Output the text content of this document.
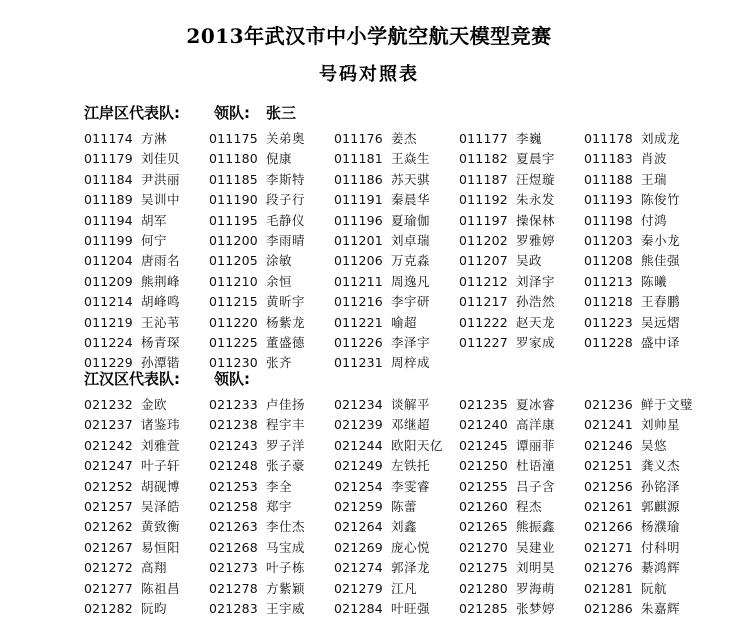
2013年武汉市中小学航空航天模型竞赛
号码对照表
江岸区代表队: 领队: 张三
011174 方淋	011175 关弟奥	011176 姜杰	011177 李巍	011178 刘成龙
011179 刘佳贝	011180 倪康	011181 王焱生	011182 夏晨宇	011183 肖波
011184 尹洪丽	011185 李斯特	011186 苏天骐	011187 汪煜璇	011188 王瑞
011189 吴训中	011190 段子行	011191 秦晨华	011192 朱永发	011193 陈俊竹
011194 胡军	011195 毛静仪	011196 夏瑜伽	011197 操保林	011198 付鸿
011199 何宁	011200 李雨晴	011201 刘卓瑞	011202 罗雅婷	011203 秦小龙
011204 唐雨名	011205 涂敏	011206 万克淼	011207 吴政	011208 熊佳强
011209 熊荆峰	011210 余恒	011211 周逸凡	011212 刘泽宇	011213 陈曦
011214 胡峰鸣	011215 黄昕宇	011216 李宇研	011217 孙浩然	011218 王春鹏
011219 王沁苇	011220 杨紫龙	011221 喻超	011222 赵天龙	011223 吴远熠
011224 杨青琛	011225 董盛德	011226 李泽宇	011227 罗家成	011228 盛中译
011229 孙潭锴	011230 张齐	011231 周梓成
江汉区代表队: 领队:
021232 金欧	021233 卢佳扬	021234 谈解平	021235 夏冰睿	021236 鲜于文璧
021237 诸鉴玮	021238 程宇丰	021239 邓继超	021240 高洋康	021241 刘帅星
021242 刘雅萱	021243 罗子洋	021244 欧阳天亿	021245 谭丽菲	021246 吴悠
021247 叶子轩	021248 张子豪	021249 左铁托	021250 杜语潼	021251 龚义杰
021252 胡砚博	021253 李全	021254 李雯睿	021255 吕子含	021256 孙铭泽
021257 吴泽皓	021258 郑宇	021259 陈蕾	021260 程杰	021261 郭麒源
021262 黄致衡	021263 李仕杰	021264 刘鑫	021265 熊振鑫	021266 杨濮瑜
021267 易恒阳	021268 马宝成	021269 庞心悦	021270 吴建业	021271 付科明
021272 高翔	021273 叶子栋	021274 郭泽龙	021275 刘明昊	021276 綦鸿辉
021277 陈祖昌	021278 方紫颖	021279 江凡	021280 罗海萌	021281 阮航
021282 阮昀	021283 王宇威	021284 叶旺强	021285 张梦婷	021286 朱嘉辉
